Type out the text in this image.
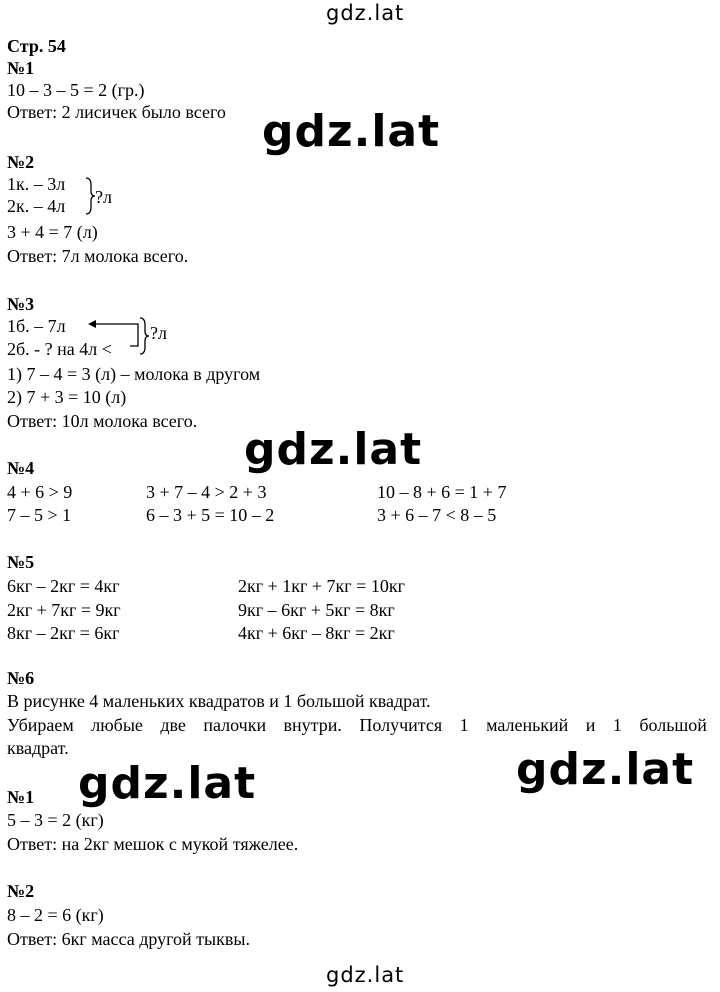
gdz.lat
gdz.lat
gdz.lat
gdz.lat	gdz.lat
gdz.lat
Стр. 54
№1
10 – 3 – 5 = 2 (гр.)
Ответ: 2 лисичек было всего
№2
1к. – 3л
2к. – 4л ?л
3 + 4 = 7 (л)
Ответ: 7л молока всего.
№3
1б. – 7л
2б. - ? на 4л <
?л
1) 7 – 4 = 3 (л) – молока в другом
2) 7 + 3 = 10 (л)
Ответ: 10л молока всего.
№4
4 + 6 > 9	3 + 7 – 4 > 2 + 3	10 – 8 + 6 = 1 + 7
7 – 5 > 1	6 – 3 + 5 = 10 – 2	3 + 6 – 7 < 8 – 5
№5
6кг – 2кг = 4кг	2кг + 1кг + 7кг = 10кг
2кг + 7кг = 9кг	9кг – 6кг + 5кг = 8кг
8кг – 2кг = 6кг	4кг + 6кг – 8кг = 2кг
№6
В рисунке 4 маленьких квадратов и 1 большой квадрат.
Убираем любые две палочки внутри. Получится 1 маленький и 1 большой
квадрат.
№1
5 – 3 = 2 (кг)
Ответ: на 2кг мешок с мукой тяжелее.
№2
8 – 2 = 6 (кг)
Ответ: 6кг масса другой тыквы.
